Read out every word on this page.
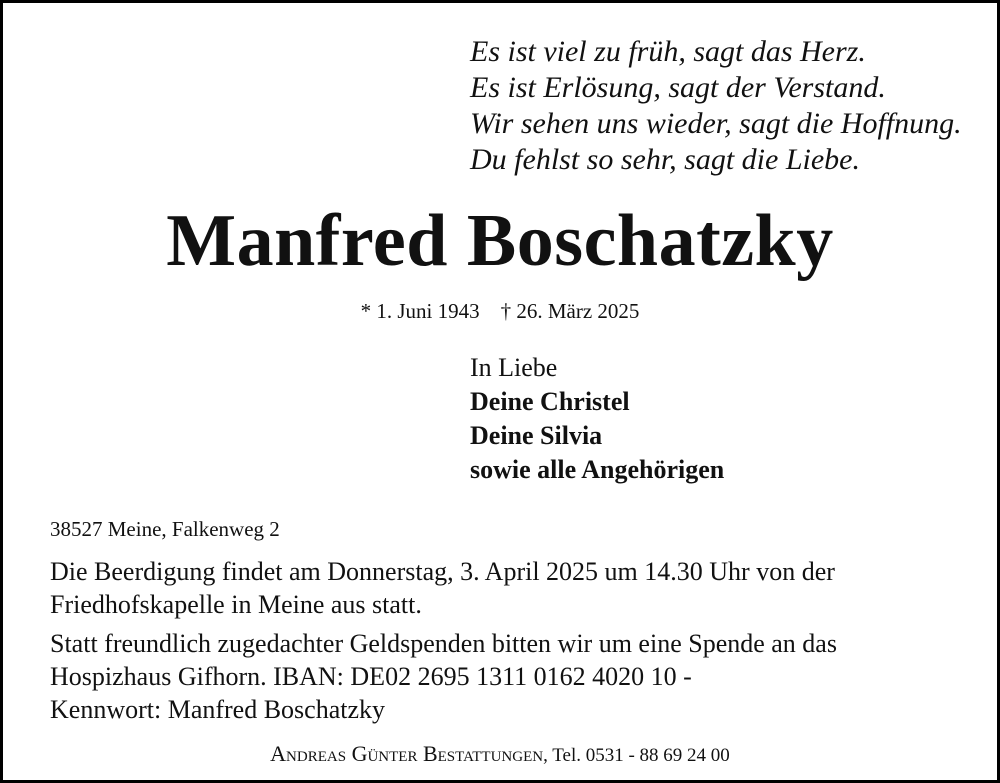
Es ist viel zu früh, sagt das Herz.
Es ist Erlösung, sagt der Verstand.
Wir sehen uns wieder, sagt die Hoffnung.
Du fehlst so sehr, sagt die Liebe.
Manfred Boschatzky
* 1. Juni 1943 † 26. März 2025
In Liebe
Deine Christel
Deine Silvia
sowie alle Angehörigen
38527 Meine, Falkenweg 2
Die Beerdigung findet am Donnerstag, 3. April 2025 um 14.30 Uhr von der
Friedhofskapelle in Meine aus statt.
Statt freundlich zugedachter Geldspenden bitten wir um eine Spende an das
Hospizhaus Gifhorn. IBAN: DE02 2695 1311 0162 4020 10 -
Kennwort: Manfred Boschatzky
Andreas Günter Bestattungen, Tel. 0531 - 88 69 24 00
